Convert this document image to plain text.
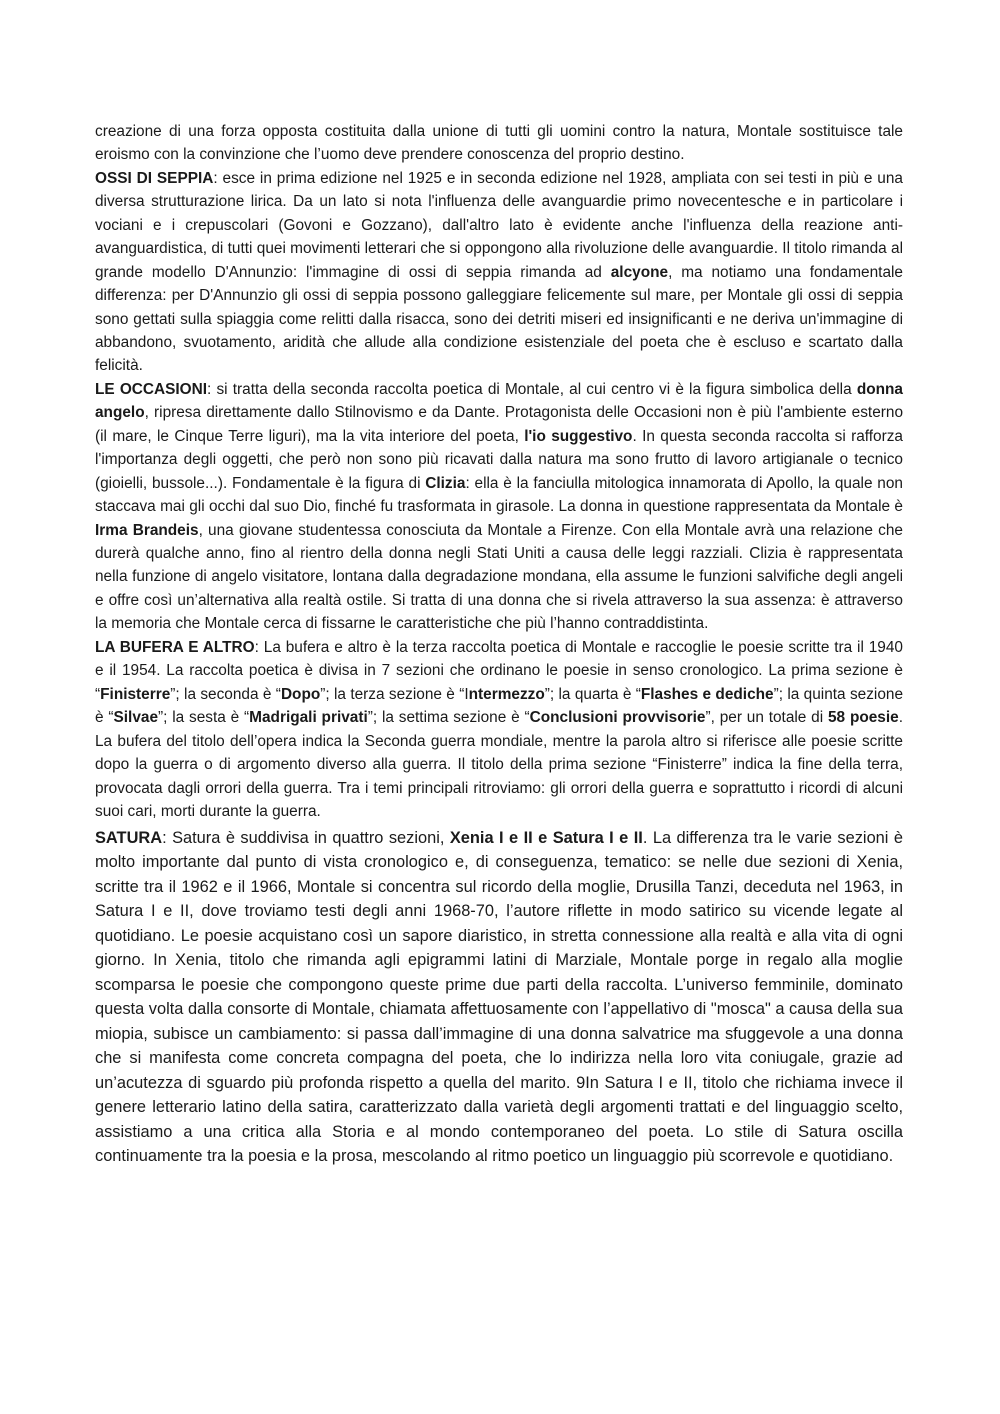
creazione di una forza opposta costituita dalla unione di tutti gli uomini contro la natura, Montale sostituisce tale eroismo con la convinzione che l’uomo deve prendere conoscenza del proprio destino.

OSSI DI SEPPIA: esce in prima edizione nel 1925 e in seconda edizione nel 1928, ampliata con sei testi in più e una diversa strutturazione lirica. Da un lato si nota l'influenza delle avanguardie primo novecentesche e in particolare i vociani e i crepuscolari (Govoni e Gozzano), dall'altro lato è evidente anche l'influenza della reazione anti-avanguardistica, di tutti quei movimenti letterari che si oppongono alla rivoluzione delle avanguardie. Il titolo rimanda al grande modello D'Annunzio: l'immagine di ossi di seppia rimanda ad alcyone, ma notiamo una fondamentale differenza: per D'Annunzio gli ossi di seppia possono galleggiare felicemente sul mare, per Montale gli ossi di seppia sono gettati sulla spiaggia come relitti dalla risacca, sono dei detriti miseri ed insignificanti e ne deriva un'immagine di abbandono, svuotamento, aridità che allude alla condizione esistenziale del poeta che è escluso e scartato dalla felicità.

LE OCCASIONI: si tratta della seconda raccolta poetica di Montale, al cui centro vi è la figura simbolica della donna angelo, ripresa direttamente dallo Stilnovismo e da Dante. Protagonista delle Occasioni non è più l'ambiente esterno (il mare, le Cinque Terre liguri), ma la vita interiore del poeta, l'io suggestivo. In questa seconda raccolta si rafforza l'importanza degli oggetti, che però non sono più ricavati dalla natura ma sono frutto di lavoro artigianale o tecnico (gioielli, bussole...). Fondamentale è la figura di Clizia: ella è la fanciulla mitologica innamorata di Apollo, la quale non staccava mai gli occhi dal suo Dio, finché fu trasformata in girasole. La donna in questione rappresentata da Montale è Irma Brandeis, una giovane studentessa conosciuta da Montale a Firenze. Con ella Montale avrà una relazione che durerà qualche anno, fino al rientro della donna negli Stati Uniti a causa delle leggi razziali. Clizia è rappresentata nella funzione di angelo visitatore, lontana dalla degradazione mondana, ella assume le funzioni salvifiche degli angeli e offre così un’alternativa alla realtà ostile. Si tratta di una donna che si rivela attraverso la sua assenza: è attraverso la memoria che Montale cerca di fissarne le caratteristiche che più l’hanno contraddistinta.

LA BUFERA E ALTRO: La bufera e altro è la terza raccolta poetica di Montale e raccoglie le poesie scritte tra il 1940 e il 1954. La raccolta poetica è divisa in 7 sezioni che ordinano le poesie in senso cronologico. La prima sezione è “Finisterre”; la seconda è “Dopo”; la terza sezione è “Intermezzo”; la quarta è “Flashes e dediche”; la quinta sezione è “Silvae”; la sesta è “Madrigali privati”; la settima sezione è “Conclusioni provvisorie”, per un totale di 58 poesie. La bufera del titolo dell’opera indica la Seconda guerra mondiale, mentre la parola altro si riferisce alle poesie scritte dopo la guerra o di argomento diverso alla guerra. Il titolo della prima sezione “Finisterre” indica la fine della terra, provocata dagli orrori della guerra. Tra i temi principali ritroviamo: gli orrori della guerra e soprattutto i ricordi di alcuni suoi cari, morti durante la guerra.

SATURA: Satura è suddivisa in quattro sezioni, Xenia I e II e Satura I e II. La differenza tra le varie sezioni è molto importante dal punto di vista cronologico e, di conseguenza, tematico: se nelle due sezioni di Xenia, scritte tra il 1962 e il 1966, Montale si concentra sul ricordo della moglie, Drusilla Tanzi, deceduta nel 1963, in Satura I e II, dove troviamo testi degli anni 1968-70, l’autore riflette in modo satirico su vicende legate al quotidiano. Le poesie acquistano così un sapore diaristico, in stretta connessione alla realtà e alla vita di ogni giorno. In Xenia, titolo che rimanda agli epigrammi latini di Marziale, Montale porge in regalo alla moglie scomparsa le poesie che compongono queste prime due parti della raccolta. L’universo femminile, dominato questa volta dalla consorte di Montale, chiamata affettuosamente con l’appellativo di "mosca" a causa della sua miopia, subisce un cambiamento: si passa dall’immagine di una donna salvatrice ma sfuggevole a una donna che si manifesta come concreta compagna del poeta, che lo indirizza nella loro vita coniugale, grazie ad un’acutezza di sguardo più profonda rispetto a quella del marito. 9In Satura I e II, titolo che richiama invece il genere letterario latino della satira, caratterizzato dalla varietà degli argomenti trattati e del linguaggio scelto, assistiamo a una critica alla Storia e al mondo contemporaneo del poeta. Lo stile di Satura oscilla continuamente tra la poesia e la prosa, mescolando al ritmo poetico un linguaggio più scorrevole e quotidiano.
